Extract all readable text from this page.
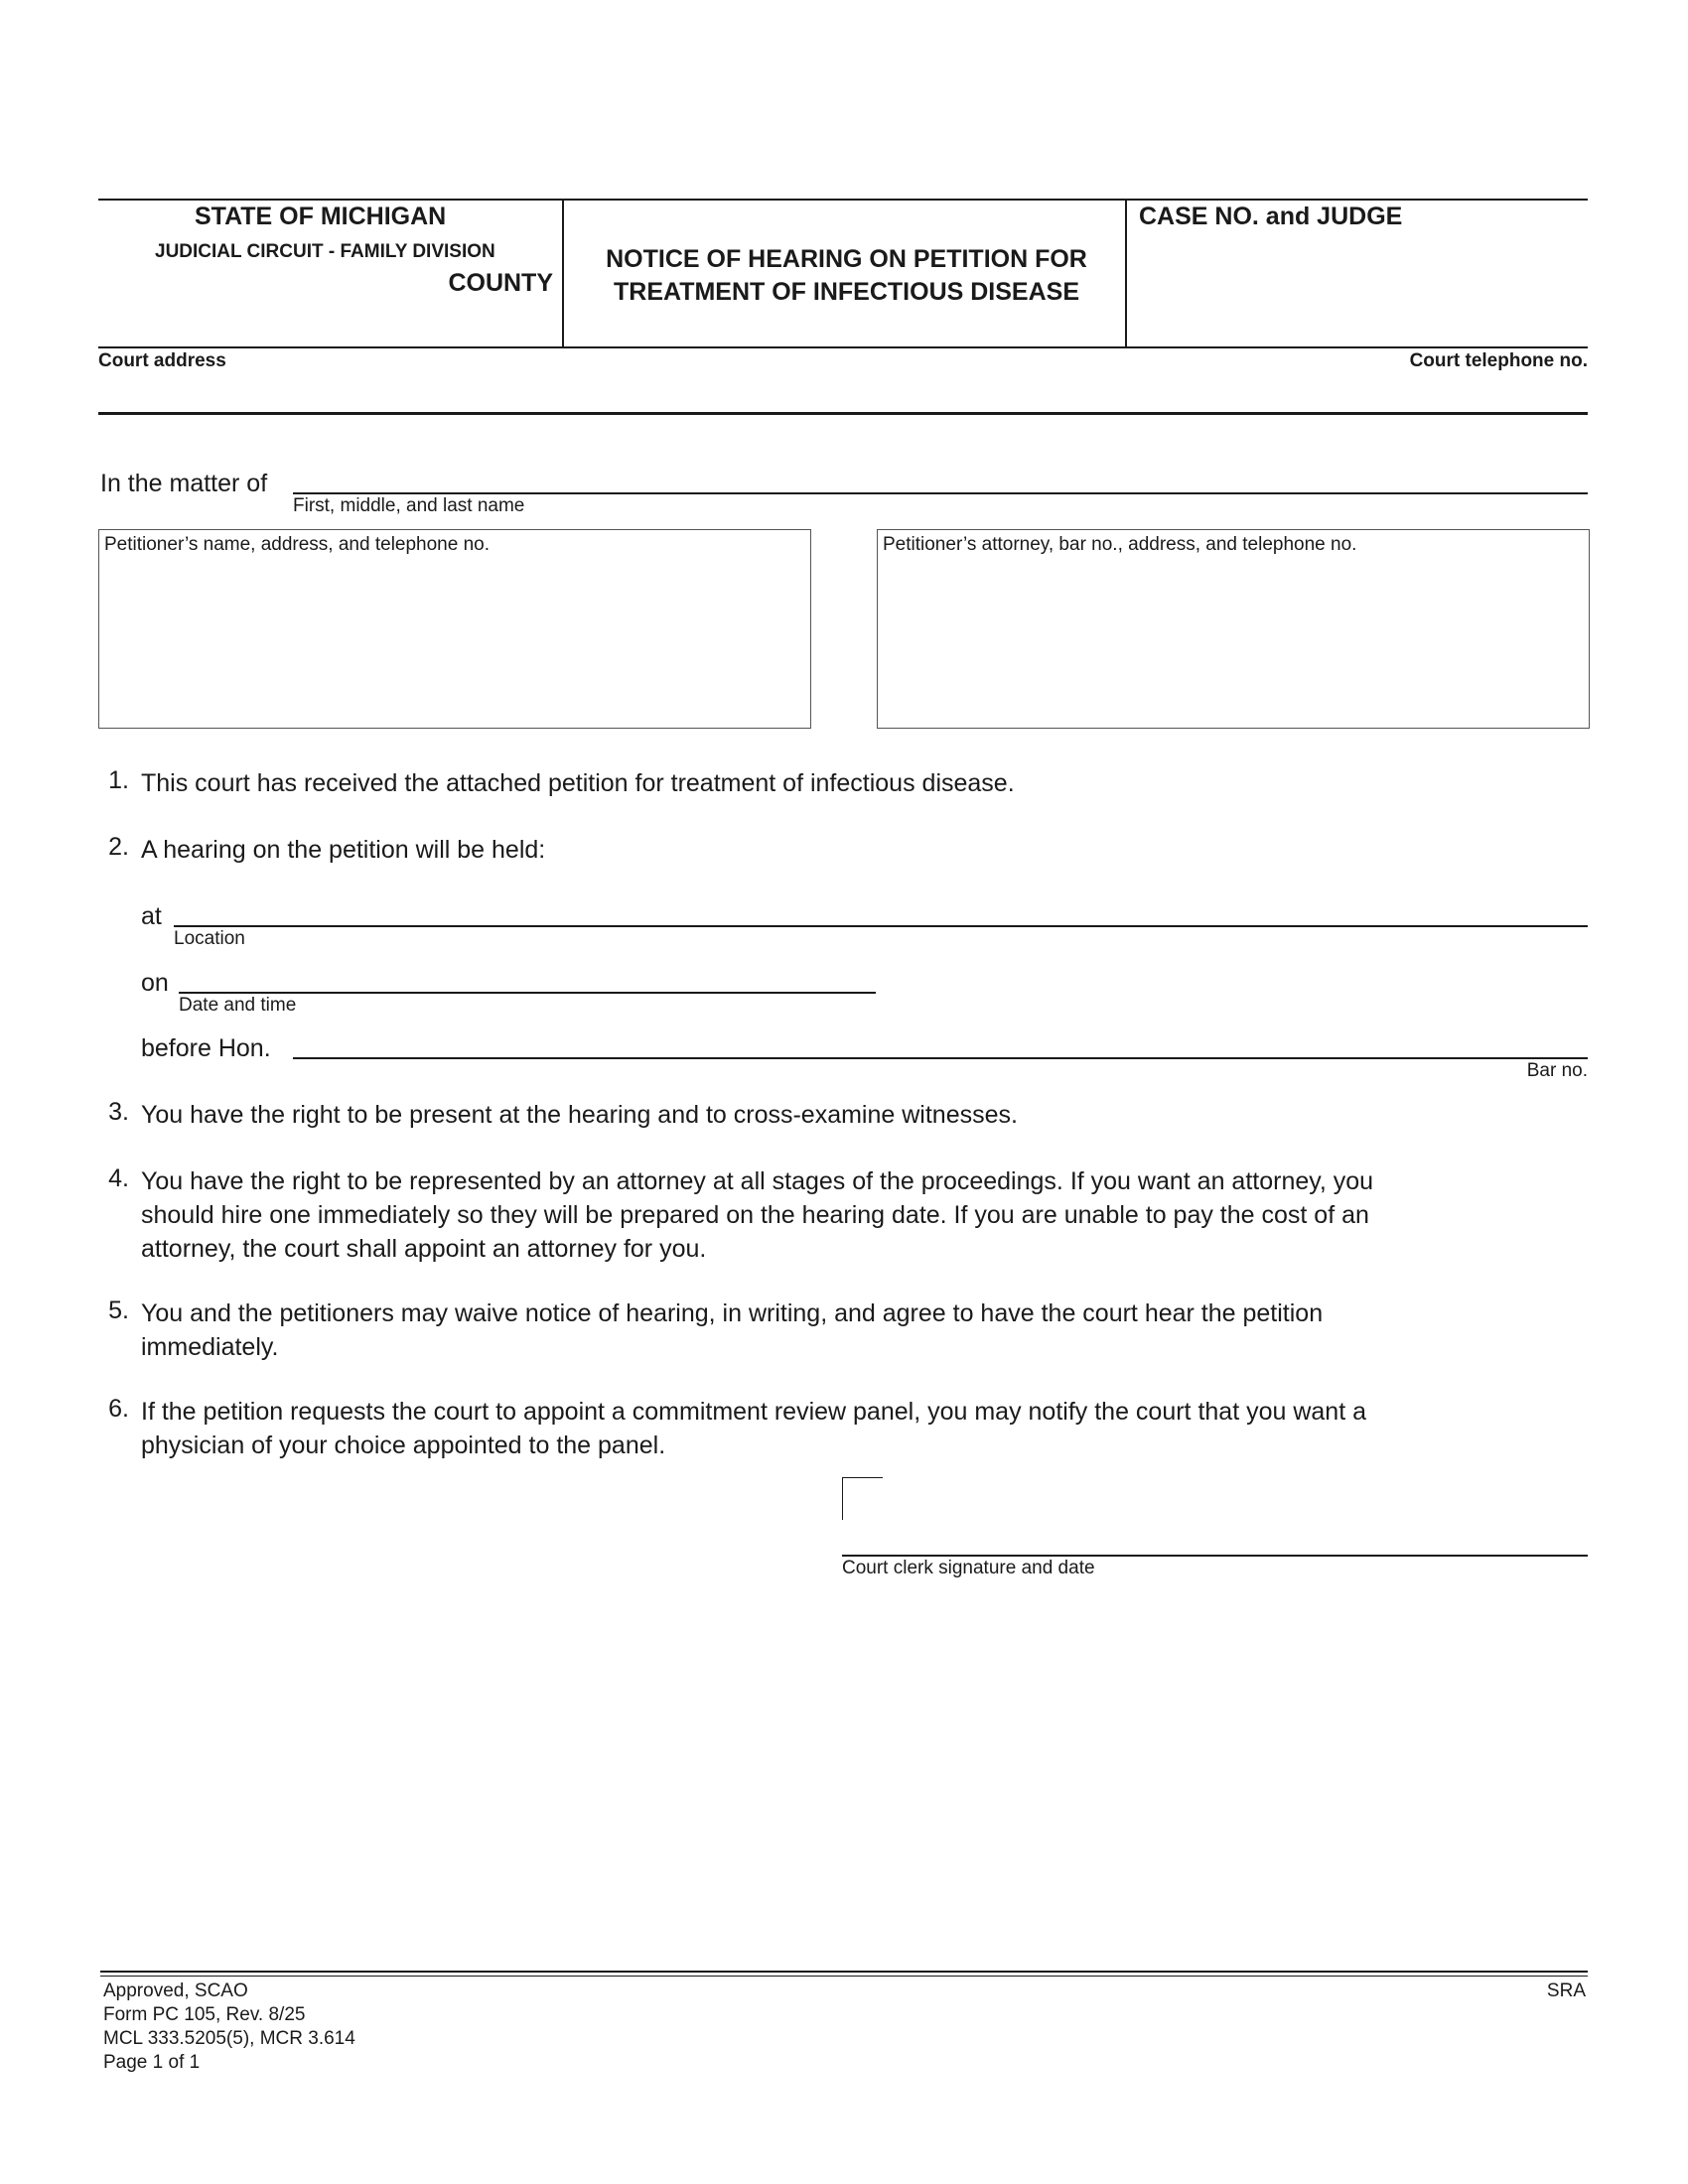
STATE OF MICHIGAN
JUDICIAL CIRCUIT - FAMILY DIVISION
COUNTY
NOTICE OF HEARING ON PETITION FOR
TREATMENT OF INFECTIOUS DISEASE
CASE NO. and JUDGE
Court address	Court telephone no.
In the matter of
First, middle, and last name
Petitioner’s name, address, and telephone no.	Petitioner’s attorney, bar no., address, and telephone no.
1. This court has received the attached petition for treatment of infectious disease.
2. A hearing on the petition will be held:
at
Location
on
Date and time
before Hon.
Bar no.
3. You have the right to be present at the hearing and to cross-examine witnesses.
4. You have the right to be represented by an attorney at all stages of the proceedings. If you want an attorney, you
should hire one immediately so they will be prepared on the hearing date. If you are unable to pay the cost of an
attorney, the court shall appoint an attorney for you.
5. You and the petitioners may waive notice of hearing, in writing, and agree to have the court hear the petition
immediately.
6. If the petition requests the court to appoint a commitment review panel, you may notify the court that you want a
physician of your choice appointed to the panel.
Court clerk signature and date
Approved, SCAO
Form PC 105, Rev. 8/25
MCL 333.5205(5), MCR 3.614
Page 1 of 1
SRA
